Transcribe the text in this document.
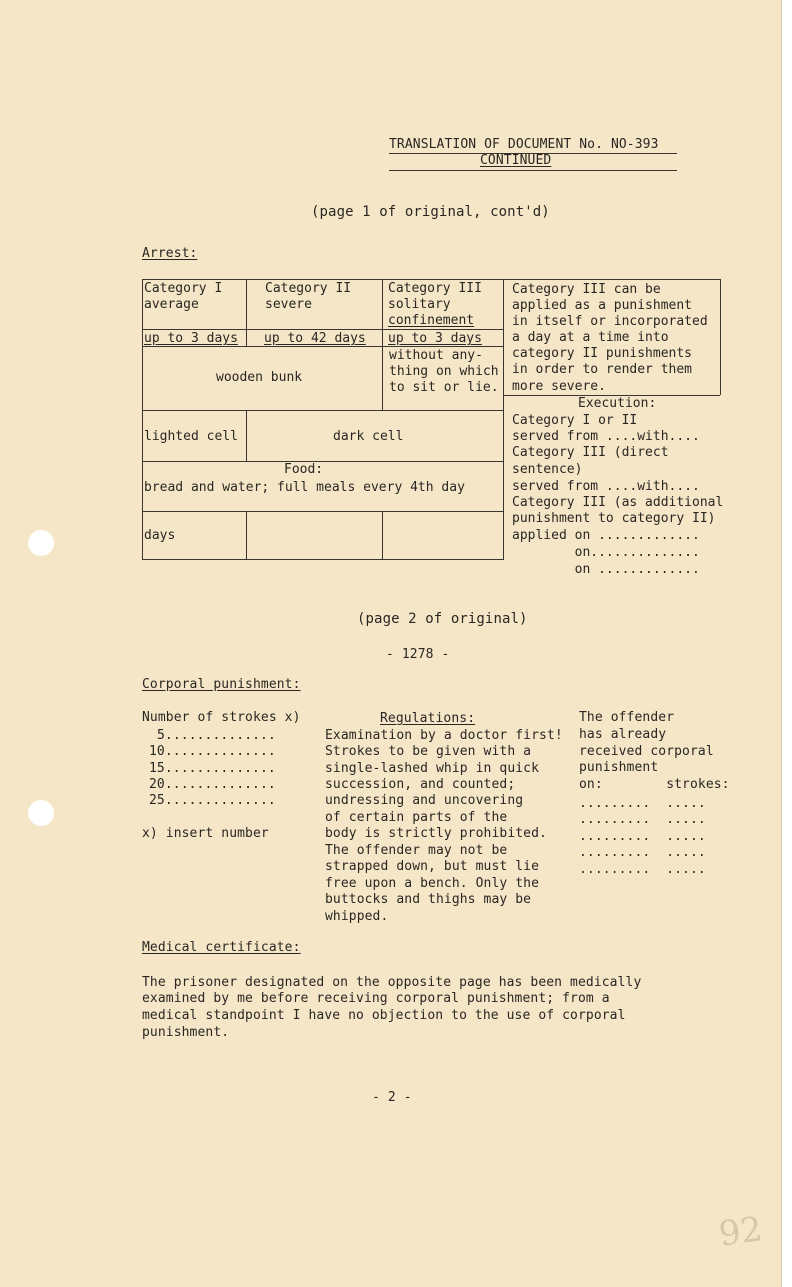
TRANSLATION OF DOCUMENT No. NO-393
CONTINUED
(page 1 of original, cont'd)
Arrest:
Category I
average
Category II
severe
Category III
solitary
confinement
up to 3 days up to 42 days up to 3 days
wooden bunk
without any-
thing on which
to sit or lie.
lighted cell	dark cell
Food:
bread and water; full meals every 4th day
days
Category III can be
applied as a punishment
in itself or incorporated
a day at a time into
category II punishments
in order to render them
more severe.
Execution:
Category I or II
served from ....with....
Category III (direct
sentence)
served from ....with....
Category III (as additional
punishment to category II)
applied on .............
on..............
on .............
(page 2 of original)
- 1278 -
Corporal punishment:
Number of strokes x)
5..............
10..............
15..............
20..............
25..............
x) insert number
Regulations:
Examination by a doctor first!
Strokes to be given with a
single-lashed whip in quick
succession, and counted;
undressing and uncovering
of certain parts of the
body is strictly prohibited.
The offender may not be
strapped down, but must lie
free upon a bench. Only the
buttocks and thighs may be
whipped.
The offender
has already
received corporal
punishment
on:        strokes:
.........  .....
.........  .....
.........  .....
.........  .....
.........  .....
Medical certificate:
The prisoner designated on the opposite page has been medically
examined by me before receiving corporal punishment; from a
medical standpoint I have no objection to the use of corporal
punishment.
- 2 -
92
